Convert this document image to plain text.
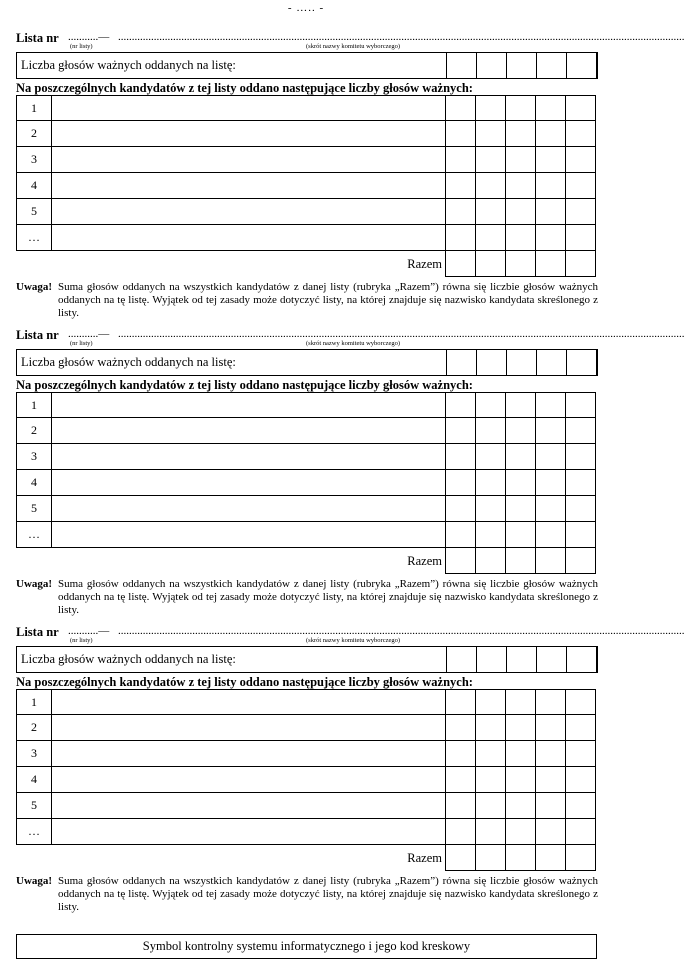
- ….. -
Lista nr ...........— ..............................................................................................................................................................................................................
(nr listy)	(skrót nazwy komitetu wyborczego)
Liczba głosów ważnych oddanych na listę:
Na poszczególnych kandydatów z tej listy oddano następujące liczby głosów ważnych:
1
2
3
4
5
…
Razem
Uwaga! Suma głosów oddanych na wszystkich kandydatów z danej listy (rubryka „Razem”) równa się liczbie głosów ważnych oddanych na tę listę. Wyjątek od tej zasady może dotyczyć listy, na której znajduje się nazwisko kandydata skreślonego z listy.
Lista nr ...........— ..............................................................................................................................................................................................................
(nr listy)	(skrót nazwy komitetu wyborczego)
Liczba głosów ważnych oddanych na listę:
Na poszczególnych kandydatów z tej listy oddano następujące liczby głosów ważnych:
1
2
3
4
5
…
Razem
Uwaga! Suma głosów oddanych na wszystkich kandydatów z danej listy (rubryka „Razem”) równa się liczbie głosów ważnych oddanych na tę listę. Wyjątek od tej zasady może dotyczyć listy, na której znajduje się nazwisko kandydata skreślonego z listy.
Lista nr ...........— ..............................................................................................................................................................................................................
(nr listy)	(skrót nazwy komitetu wyborczego)
Liczba głosów ważnych oddanych na listę:
Na poszczególnych kandydatów z tej listy oddano następujące liczby głosów ważnych:
1
2
3
4
5
…
Razem
Uwaga! Suma głosów oddanych na wszystkich kandydatów z danej listy (rubryka „Razem”) równa się liczbie głosów ważnych oddanych na tę listę. Wyjątek od tej zasady może dotyczyć listy, na której znajduje się nazwisko kandydata skreślonego z listy.
Symbol kontrolny systemu informatycznego i jego kod kreskowy
